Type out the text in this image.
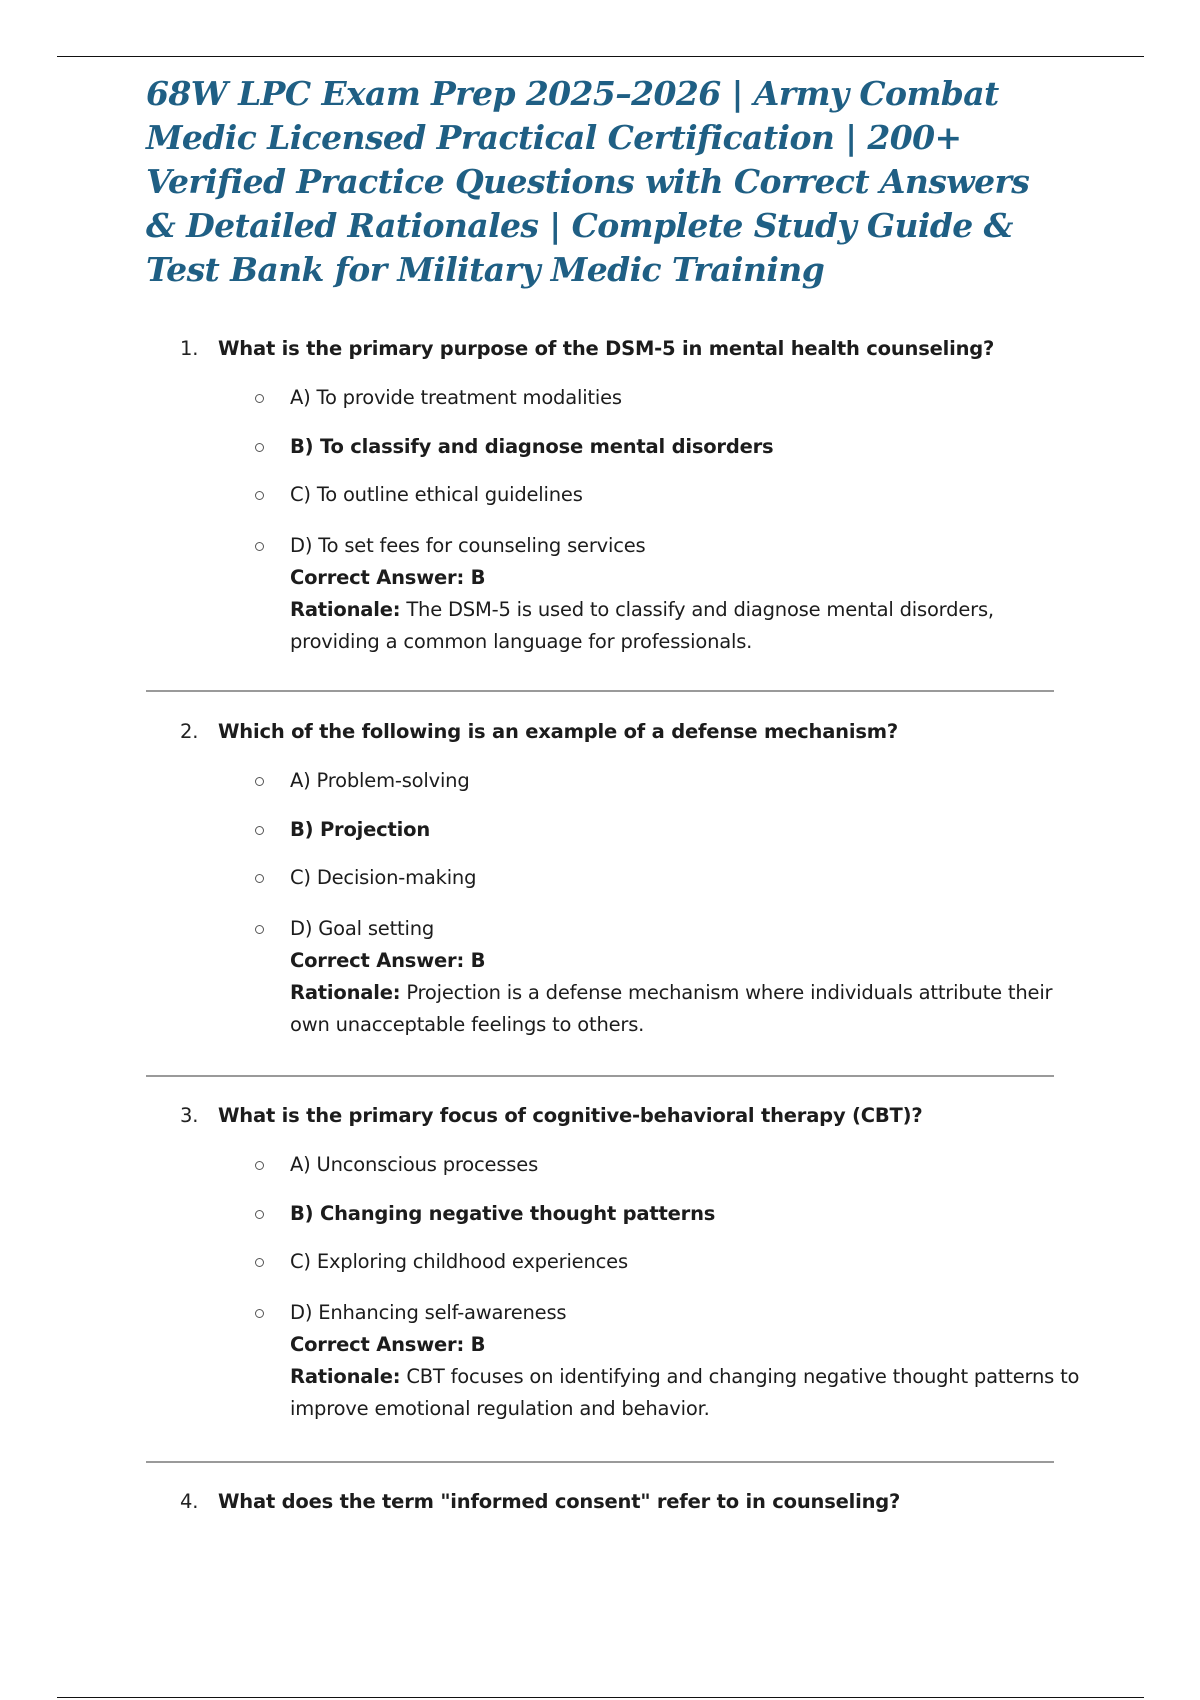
68W LPC Exam Prep 2025–2026 | Army Combat Medic Licensed Practical Certification | 200+ Verified Practice Questions with Correct Answers & Detailed Rationales | Complete Study Guide & Test Bank for Military Medic Training
1.	What is the primary purpose of the DSM-5 in mental health counseling?
A) To provide treatment modalities
B) To classify and diagnose mental disorders
C) To outline ethical guidelines
D) To set fees for counseling services
Correct Answer: B
Rationale: The DSM-5 is used to classify and diagnose mental disorders, providing a common language for professionals.
2.	Which of the following is an example of a defense mechanism?
A) Problem-solving
B) Projection
C) Decision-making
D) Goal setting
Correct Answer: B
Rationale: Projection is a defense mechanism where individuals attribute their own unacceptable feelings to others.
3.	What is the primary focus of cognitive-behavioral therapy (CBT)?
A) Unconscious processes
B) Changing negative thought patterns
C) Exploring childhood experiences
D) Enhancing self-awareness
Correct Answer: B
Rationale: CBT focuses on identifying and changing negative thought patterns to improve emotional regulation and behavior.
4.	What does the term "informed consent" refer to in counseling?
